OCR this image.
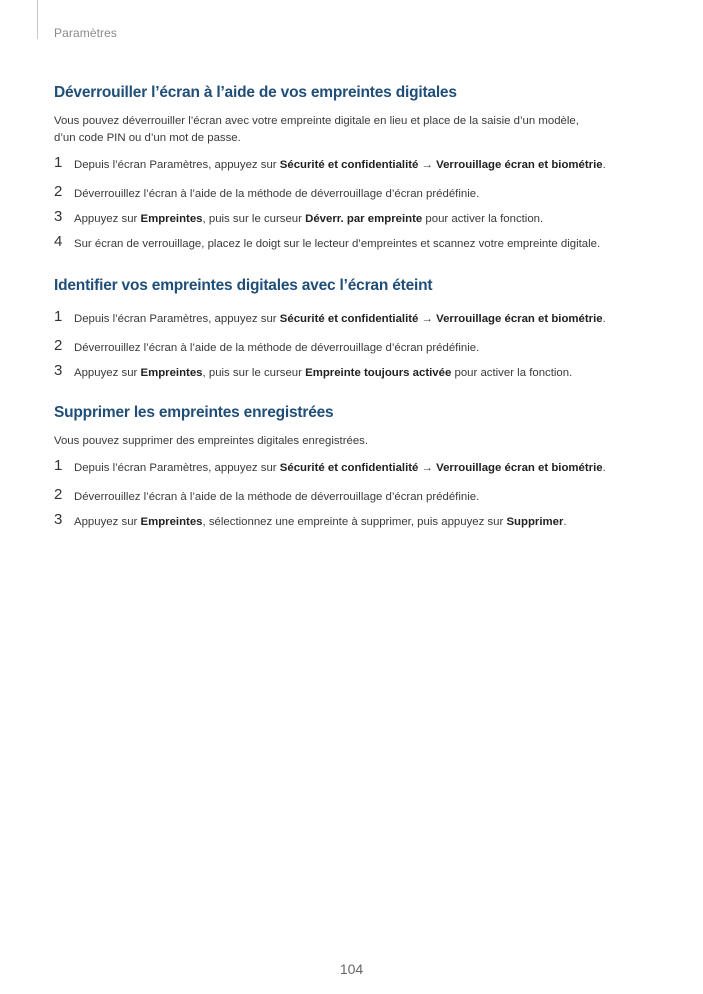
Paramètres
Déverrouiller l’écran à l’aide de vos empreintes digitales

Vous pouvez déverrouiller l’écran avec votre empreinte digitale en lieu et place de la saisie d’un modèle,
d’un code PIN ou d’un mot de passe.

1 Depuis l’écran Paramètres, appuyez sur Sécurité et confidentialité → Verrouillage écran et biométrie.
2 Déverrouillez l’écran à l’aide de la méthode de déverrouillage d’écran prédéfinie.
3 Appuyez sur Empreintes, puis sur le curseur Déverr. par empreinte pour activer la fonction.
4 Sur écran de verrouillage, placez le doigt sur le lecteur d’empreintes et scannez votre empreinte digitale.
Identifier vos empreintes digitales avec l’écran éteint
1 Depuis l’écran Paramètres, appuyez sur Sécurité et confidentialité → Verrouillage écran et biométrie.
2 Déverrouillez l’écran à l’aide de la méthode de déverrouillage d’écran prédéfinie.
3 Appuyez sur Empreintes, puis sur le curseur Empreinte toujours activée pour activer la fonction.
Supprimer les empreintes enregistrées

Vous pouvez supprimer des empreintes digitales enregistrées.

1 Depuis l’écran Paramètres, appuyez sur Sécurité et confidentialité → Verrouillage écran et biométrie.
2 Déverrouillez l’écran à l’aide de la méthode de déverrouillage d’écran prédéfinie.
3 Appuyez sur Empreintes, sélectionnez une empreinte à supprimer, puis appuyez sur Supprimer.
104
